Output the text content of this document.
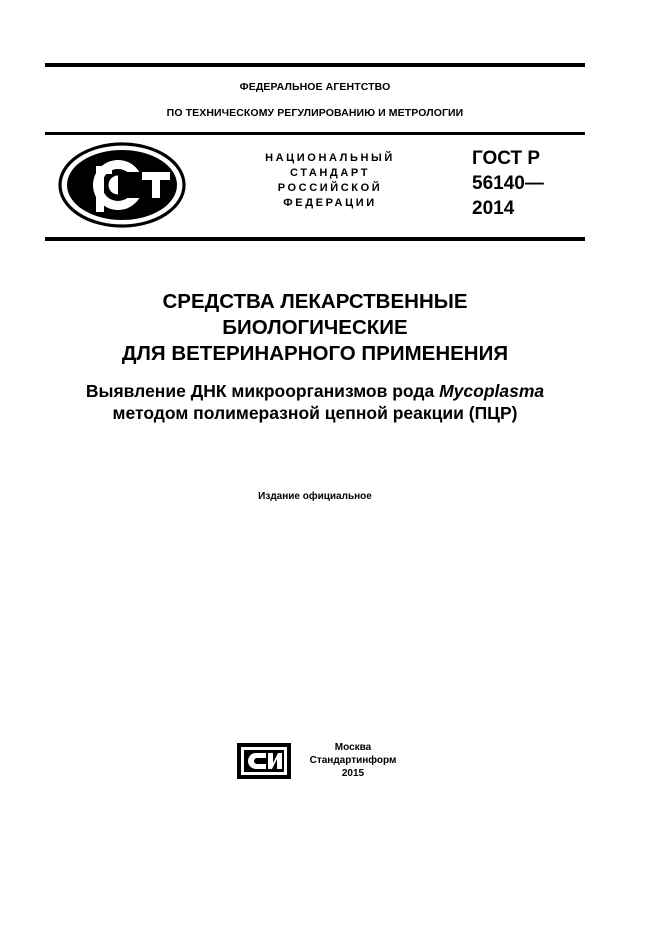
ФЕДЕРАЛЬНОЕ АГЕНТСТВО
ПО ТЕХНИЧЕСКОМУ РЕГУЛИРОВАНИЮ И МЕТРОЛОГИИ
НАЦИОНАЛЬНЫЙ
СТАНДАРТ
РОССИЙСКОЙ
ФЕДЕРАЦИИ
ГОСТ Р
56140—
2014
СРЕДСТВА ЛЕКАРСТВЕННЫЕ
БИОЛОГИЧЕСКИЕ
ДЛЯ ВЕТЕРИНАРНОГО ПРИМЕНЕНИЯ
Выявление ДНК микроорганизмов рода Mycoplasma
методом полимеразной цепной реакции (ПЦР)
Издание официальное
Москва
Стандартинформ
2015
